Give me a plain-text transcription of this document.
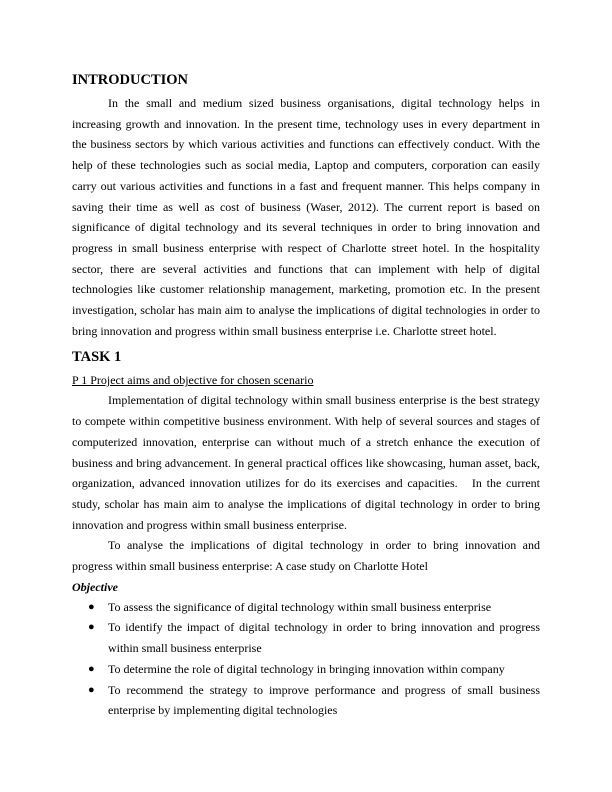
INTRODUCTION

In the small and medium sized business organisations, digital technology helps in increasing growth and innovation. In the present time, technology uses in every department in the business sectors by which various activities and functions can effectively conduct. With the help of these technologies such as social media, Laptop and computers, corporation can easily carry out various activities and functions in a fast and frequent manner. This helps company in saving their time as well as cost of business (Waser, 2012). The current report is based on significance of digital technology and its several techniques in order to bring innovation and progress in small business enterprise with respect of Charlotte street hotel. In the hospitality sector, there are several activities and functions that can implement with help of digital technologies like customer relationship management, marketing, promotion etc. In the present investigation, scholar has main aim to analyse the implications of digital technologies in order to bring innovation and progress within small business enterprise i.e. Charlotte street hotel.

TASK 1
P 1 Project aims and objective for chosen scenario

Implementation of digital technology within small business enterprise is the best strategy to compete within competitive business environment. With help of several sources and stages of computerized innovation, enterprise can without much of a stretch enhance the execution of business and bring advancement. In general practical offices like showcasing, human asset, back, organization, advanced innovation utilizes for do its exercises and capacities.   In the current study, scholar has main aim to analyse the implications of digital technology in order to bring innovation and progress within small business enterprise.

To analyse the implications of digital technology in order to bring innovation and progress within small business enterprise: A case study on Charlotte Hotel

Objective
● To assess the significance of digital technology within small business enterprise
● To identify the impact of digital technology in order to bring innovation and progress within small business enterprise
● To determine the role of digital technology in bringing innovation within company
● To recommend the strategy to improve performance and progress of small business enterprise by implementing digital technologies
